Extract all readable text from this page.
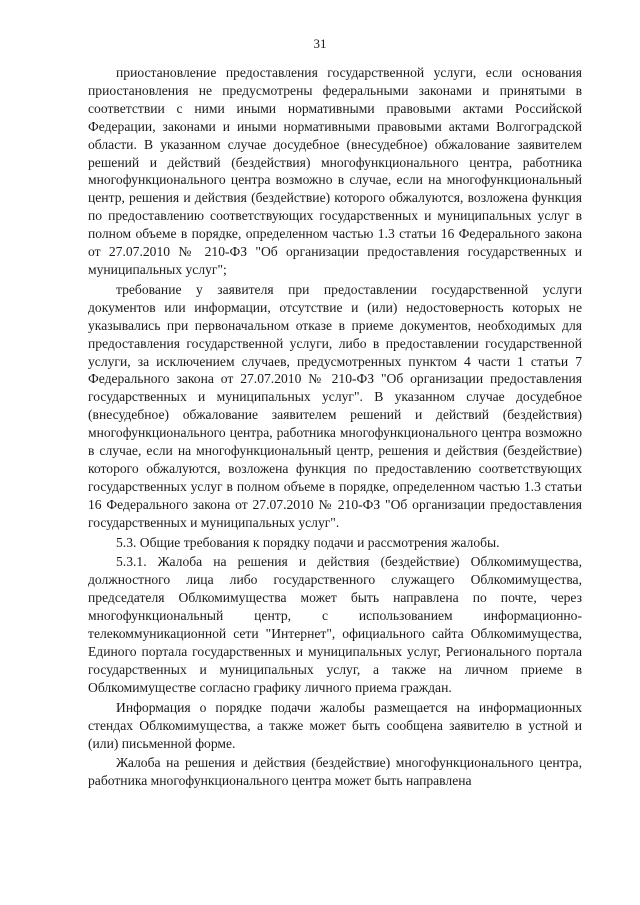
31

приостановление предоставления государственной услуги, если основания приостановления не предусмотрены федеральными законами и принятыми в соответствии с ними иными нормативными правовыми актами Российской Федерации, законами и иными нормативными правовыми актами Волгоградской области. В указанном случае досудебное (внесудебное) обжалование заявителем решений и действий (бездействия) многофункционального центра, работника многофункционального центра возможно в случае, если на многофункциональный центр, решения и действия (бездействие) которого обжалуются, возложена функция по предоставлению соответствующих государственных и муниципальных услуг в полном объеме в порядке, определенном частью 1.3 статьи 16 Федерального закона от 27.07.2010 № 210-ФЗ "Об организации предоставления государственных и муниципальных услуг";

требование у заявителя при предоставлении государственной услуги документов или информации, отсутствие и (или) недостоверность которых не указывались при первоначальном отказе в приеме документов, необходимых для предоставления государственной услуги, либо в предоставлении государственной услуги, за исключением случаев, предусмотренных пунктом 4 части 1 статьи 7 Федерального закона от 27.07.2010 № 210-ФЗ "Об организации предоставления государственных и муниципальных услуг". В указанном случае досудебное (внесудебное) обжалование заявителем решений и действий (бездействия) многофункционального центра, работника многофункционального центра возможно в случае, если на многофункциональный центр, решения и действия (бездействие) которого обжалуются, возложена функция по предоставлению соответствующих государственных услуг в полном объеме в порядке, определенном частью 1.3 статьи 16 Федерального закона от 27.07.2010 № 210-ФЗ "Об организации предоставления государственных и муниципальных услуг".

5.3. Общие требования к порядку подачи и рассмотрения жалобы.

5.3.1. Жалоба на решения и действия (бездействие) Облкомимущества, должностного лица либо государственного служащего Облкомимущества, председателя Облкомимущества может быть направлена по почте, через многофункциональный центр, с использованием информационно-телекоммуникационной сети "Интернет", официального сайта Облкомимущества, Единого портала государственных и муниципальных услуг, Регионального портала государственных и муниципальных услуг, а также на личном приеме в Облкомимуществе согласно графику личного приема граждан.

Информация о порядке подачи жалобы размещается на информационных стендах Облкомимущества, а также может быть сообщена заявителю в устной и (или) письменной форме.

Жалоба на решения и действия (бездействие) многофункционального центра, работника многофункционального центра может быть направлена
